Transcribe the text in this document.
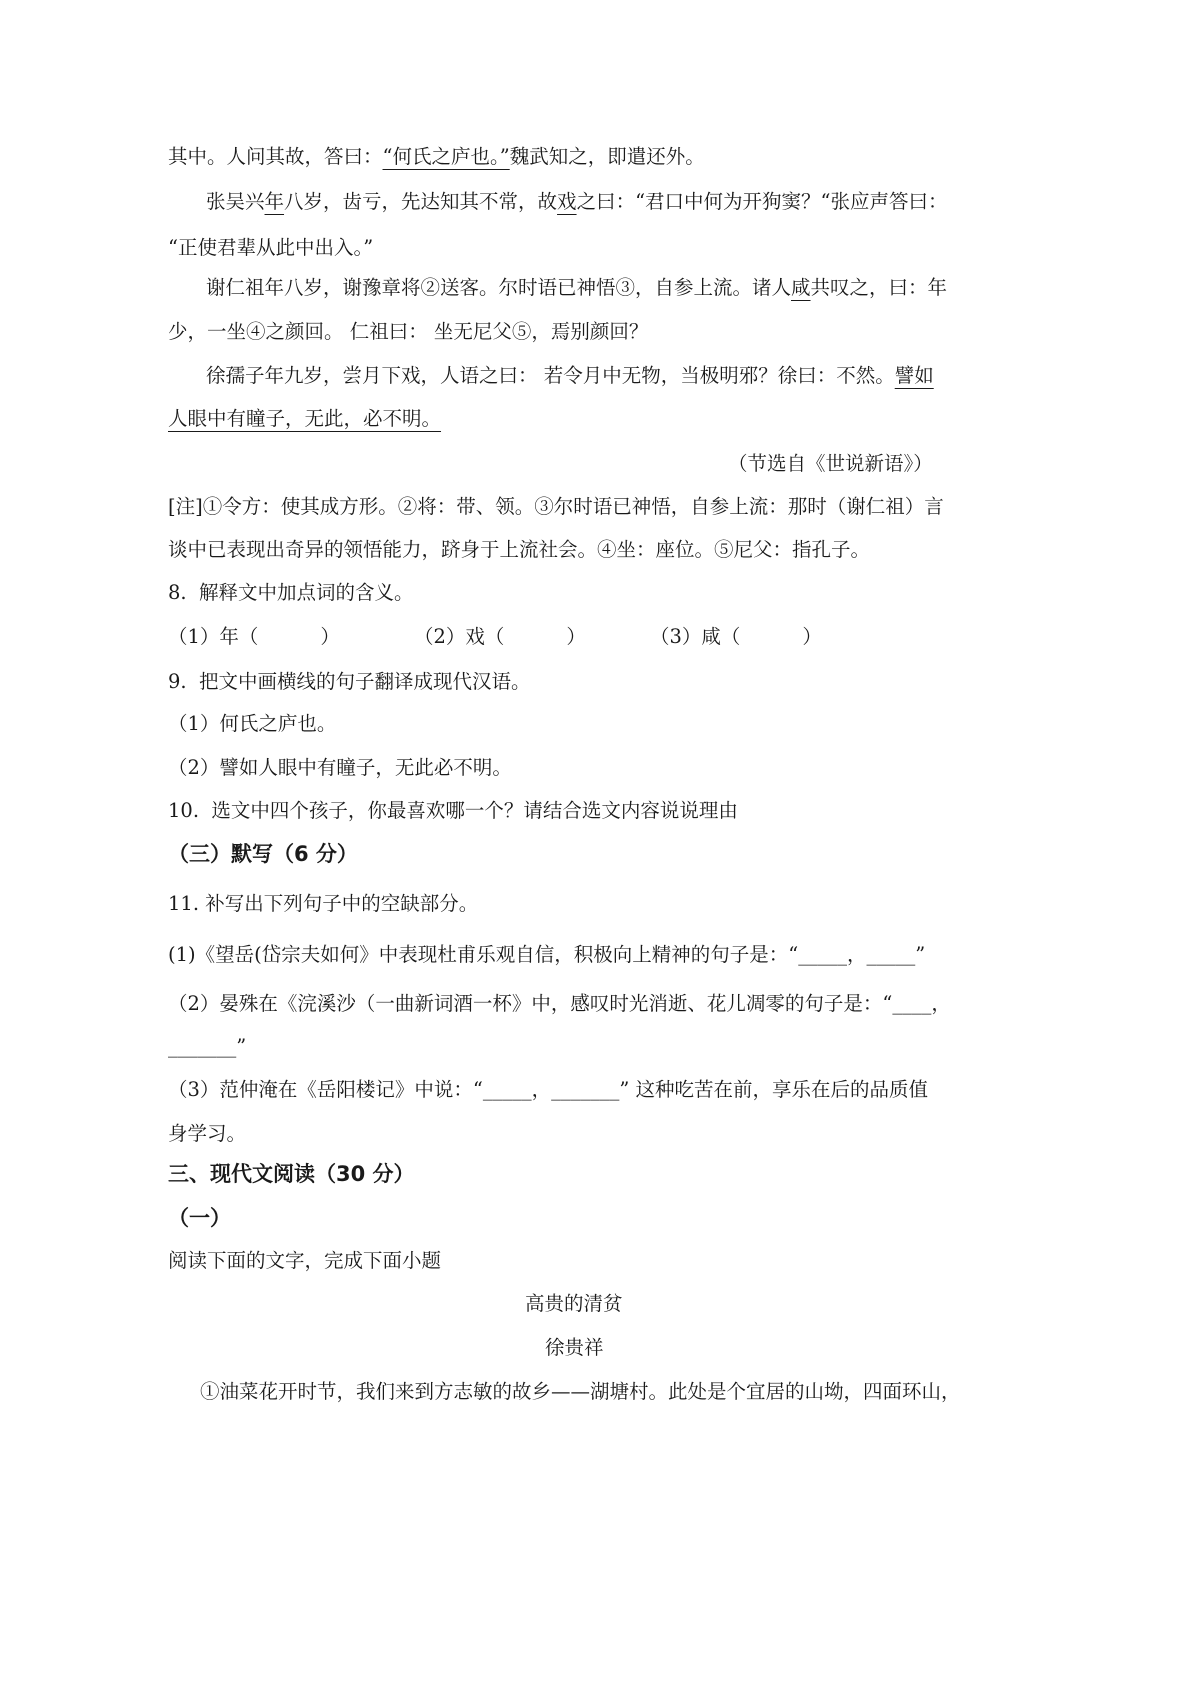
其中。人问其故，答曰：“何氏之庐也。”魏武知之，即遣还外。
张吴兴年八岁，齿亏，先达知其不常，故戏之曰：“君口中何为开狗窦？“张应声答曰：
“正使君辈从此中出入。”
谢仁祖年八岁，谢豫章将②送客。尔时语已神悟③，自参上流。诸人咸共叹之，曰：年
少，一坐④之颜回。 仁祖曰： 坐无尼父⑤，焉别颜回？
徐孺子年九岁，尝月下戏，人语之曰： 若令月中无物，当极明邪？徐曰：不然。譬如
人眼中有瞳子，无此，必不明。
（节选自《世说新语》）
[注]①令方：使其成方形。②将：带、领。③尔时语已神悟，自参上流：那时（谢仁祖）言
谈中已表现出奇异的领悟能力，跻身于上流社会。④坐：座位。⑤尼父：指孔子。
8.  解释文中加点词的含义。
（1）年（          ）	（2）戏（          ）	（3）咸（          ）
9.  把文中画横线的句子翻译成现代汉语。
（1）何氏之庐也。
（2）譬如人眼中有瞳子，无此必不明。
10.  选文中四个孩子，你最喜欢哪一个？请结合选文内容说说理由
（三）默写（6 分）
11. 补写出下列句子中的空缺部分。
(1)《望岳(岱宗夫如何》中表现杜甫乐观自信，积极向上精神的句子是：“_____，_____”
（2）晏殊在《浣溪沙（一曲新词酒一杯》中，感叹时光消逝、花儿凋零的句子是：“____，
_______”
（3）范仲淹在《岳阳楼记》中说：“_____，_______” 这种吃苦在前，享乐在后的品质值
身学习。
三、现代文阅读（30 分）
（一）
阅读下面的文字，完成下面小题
高贵的清贫
徐贵祥
①油菜花开时节，我们来到方志敏的故乡——湖塘村。此处是个宜居的山坳，四面环山，
